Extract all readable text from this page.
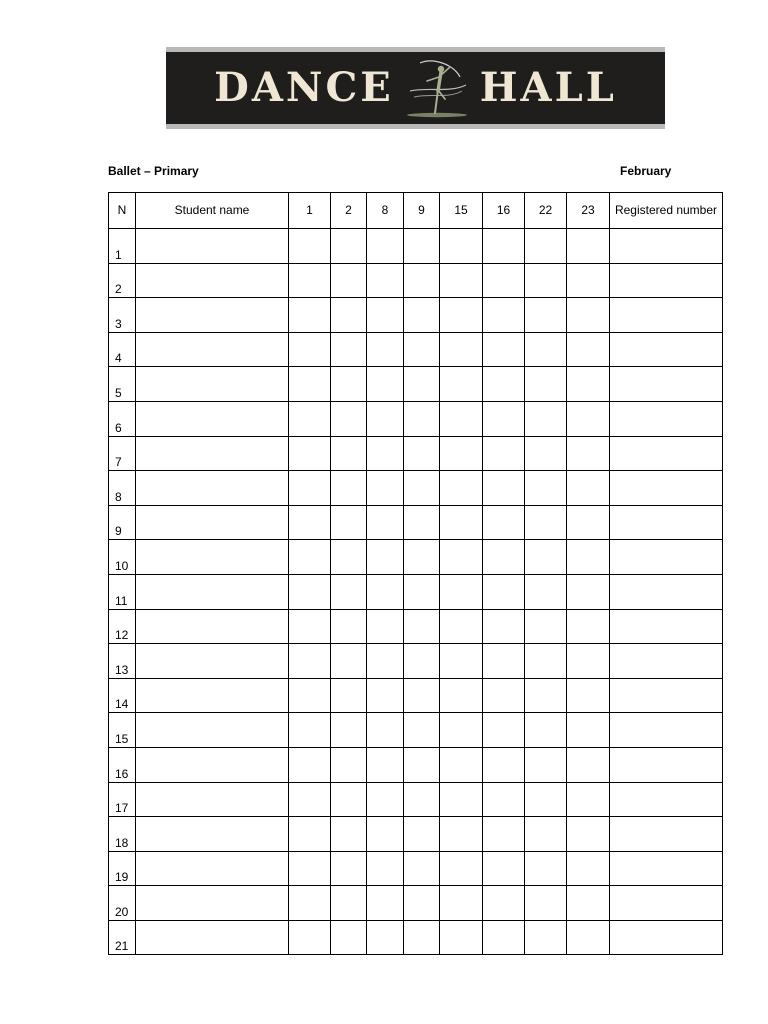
DANCE HALL
Ballet – Primary	February
N	Student name	1	2	8	9	15	16	22	23	Registered number
1										
2										
3										
4										
5										
6										
7										
8										
9										
10										
11										
12										
13										
14										
15										
16										
17										
18										
19										
20										
21										
